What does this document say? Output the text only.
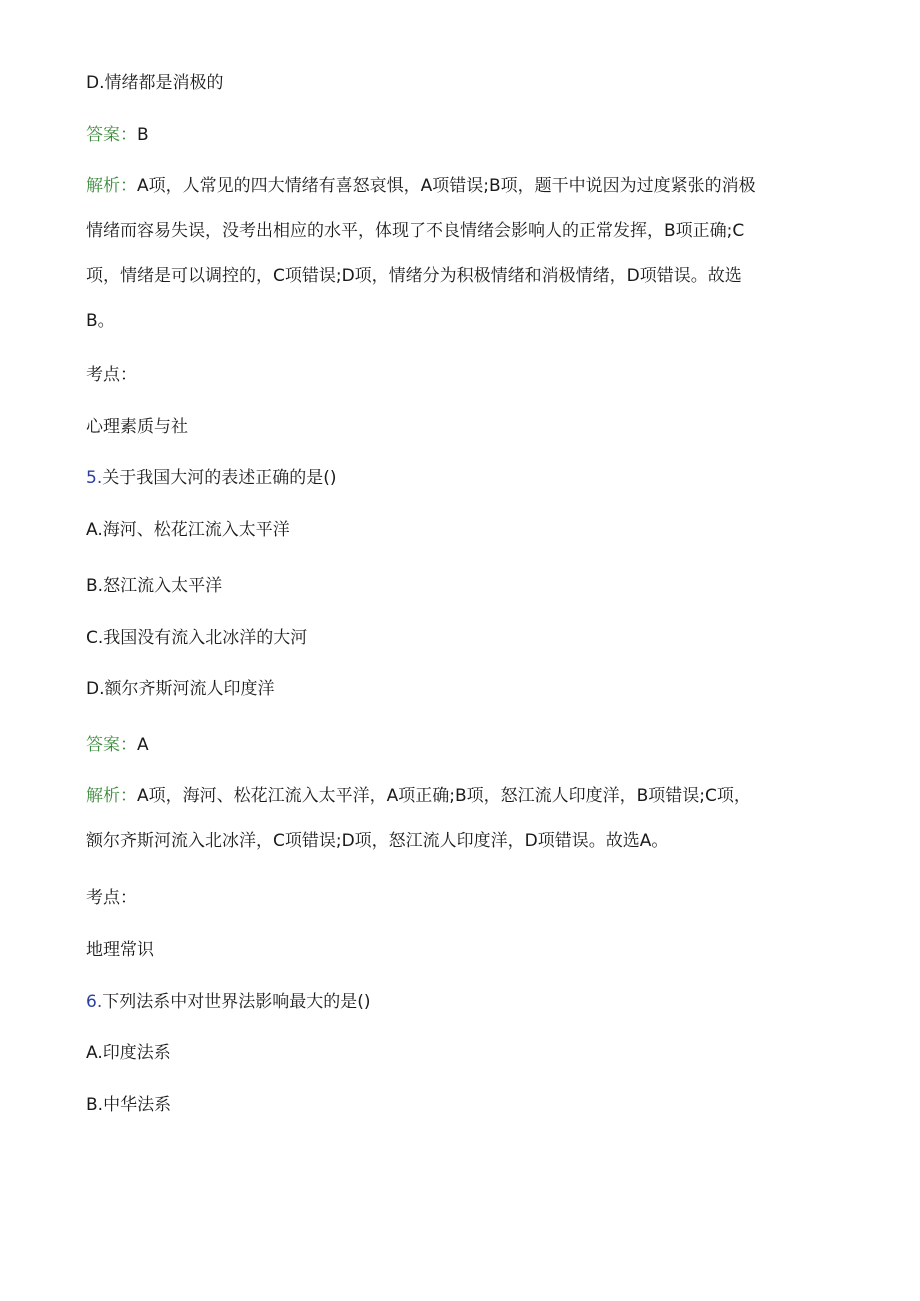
D.情绪都是消极的
答案：B

解析：A项，人常见的四大情绪有喜怒哀惧，A项错误;B项，题干中说因为过度紧张的消极

情绪而容易失误，没考出相应的水平，体现了不良情绪会影响人的正常发挥，B项正确;C

项，情绪是可以调控的，C项错误;D项，情绪分为积极情绪和消极情绪，D项错误。故选

B。

考点：
心理素质与社
5.关于我国大河的表述正确的是()
A.海河、松花江流入太平洋
B.怒江流入太平洋
C.我国没有流入北冰洋的大河
D.额尔齐斯河流人印度洋
答案：A

解析：A项，海河、松花江流入太平洋，A项正确;B项，怒江流人印度洋，B项错误;C项，

额尔齐斯河流入北冰洋，C项错误;D项，怒江流人印度洋，D项错误。故选A。

考点：
地理常识
6.下列法系中对世界法影响最大的是()
A.印度法系
B.中华法系
